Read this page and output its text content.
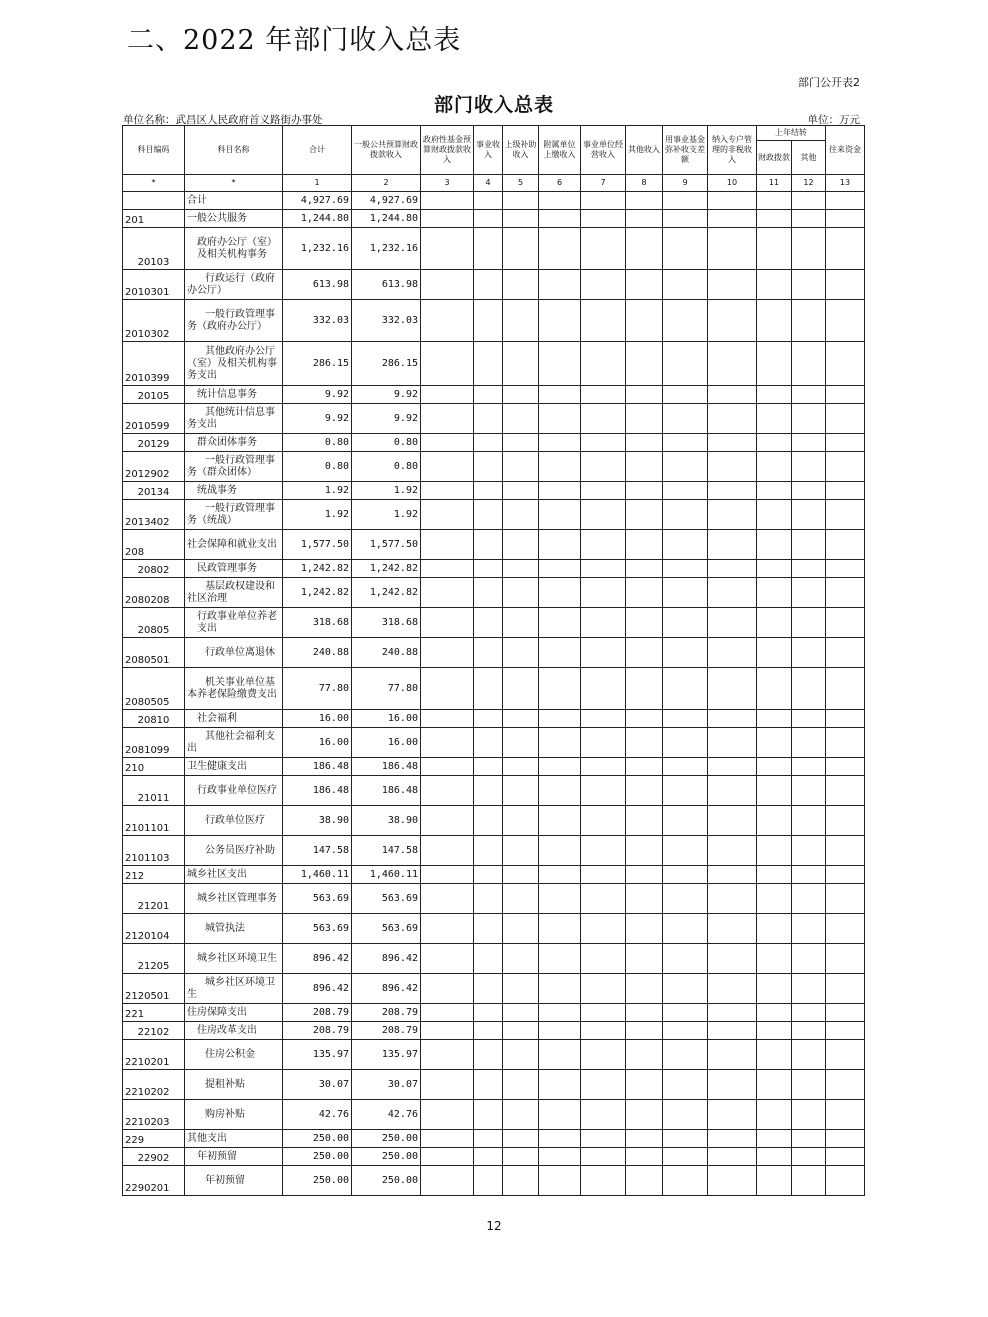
二、2022 年部门收入总表
部门公开表2
部门收入总表
单位名称：武昌区人民政府首义路街办事处	单位：万元
科目编码	科目名称	合计	一般公共预算财政拨款收入	政府性基金预算财政拨款收入	事业收入	上级补助收入	附属单位上缴收入	事业单位经营收入	其他收入	用事业基金弥补收支差额	纳入专户管理的非税收入	上年结转		往来资金
												财政拨款	其他	
*	*	1	2	3	4	5	6	7	8	9	10	11	12	13
	合计	4,927.69	4,927.69											
201	一般公共服务	1,244.80	1,244.80											
20103	政府办公厅（室）及相关机构事务	1,232.16	1,232.16											
2010301	行政运行（政府办公厅）	613.98	613.98											
2010302	一般行政管理事务（政府办公厅）	332.03	332.03											
2010399	其他政府办公厅（室）及相关机构事务支出	286.15	286.15											
20105	统计信息事务	9.92	9.92											
2010599	其他统计信息事务支出	9.92	9.92											
20129	群众团体事务	0.80	0.80											
2012902	一般行政管理事务（群众团体）	0.80	0.80											
20134	统战事务	1.92	1.92											
2013402	一般行政管理事务（统战）	1.92	1.92											
208	社会保障和就业支出	1,577.50	1,577.50											
20802	民政管理事务	1,242.82	1,242.82											
2080208	基层政权建设和社区治理	1,242.82	1,242.82											
20805	行政事业单位养老支出	318.68	318.68											
2080501	行政单位离退休	240.88	240.88											
2080505	机关事业单位基本养老保险缴费支出	77.80	77.80											
20810	社会福利	16.00	16.00											
2081099	其他社会福利支出	16.00	16.00											
210	卫生健康支出	186.48	186.48											
21011	行政事业单位医疗	186.48	186.48											
2101101	行政单位医疗	38.90	38.90											
2101103	公务员医疗补助	147.58	147.58											
212	城乡社区支出	1,460.11	1,460.11											
21201	城乡社区管理事务	563.69	563.69											
2120104	城管执法	563.69	563.69											
21205	城乡社区环境卫生	896.42	896.42											
2120501	城乡社区环境卫生	896.42	896.42											
221	住房保障支出	208.79	208.79											
22102	住房改革支出	208.79	208.79											
2210201	住房公积金	135.97	135.97											
2210202	提租补贴	30.07	30.07											
2210203	购房补贴	42.76	42.76											
229	其他支出	250.00	250.00											
22902	年初预留	250.00	250.00											
2290201	年初预留	250.00	250.00											
12
